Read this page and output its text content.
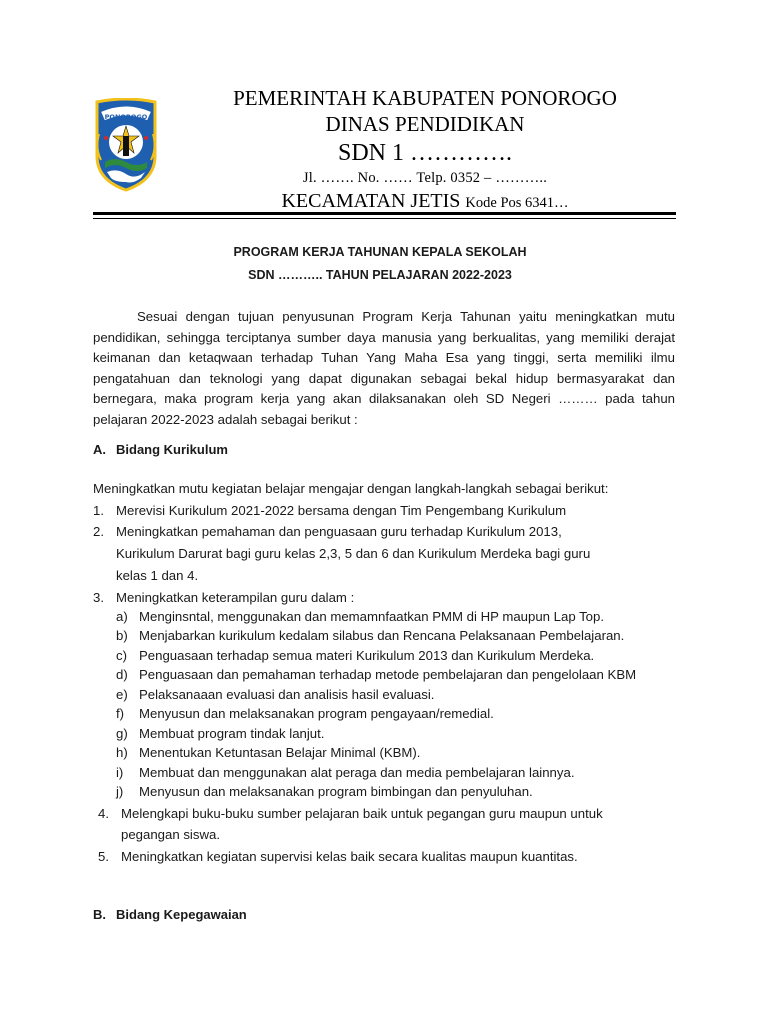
PONOROGO
PEMERINTAH KABUPATEN PONOROGO
DINAS PENDIDIKAN
SDN 1 ………….
Jl. ……. No. …… Telp. 0352 – ………..
KECAMATAN JETIS Kode Pos 6341…
PROGRAM KERJA TAHUNAN KEPALA SEKOLAH
SDN ……….. TAHUN PELAJARAN 2022-2023
Sesuai dengan tujuan penyusunan Program Kerja Tahunan yaitu meningkatkan mutu pendidikan, sehingga terciptanya sumber daya manusia yang berkualitas, yang memiliki derajat keimanan dan ketaqwaan terhadap Tuhan Yang Maha Esa yang tinggi, serta memiliki ilmu pengatahuan dan teknologi yang dapat digunakan sebagai bekal hidup bermasyarakat dan bernegara, maka program kerja yang akan dilaksanakan oleh SD Negeri ……… pada tahun pelajaran 2022-2023 adalah sebagai berikut :
A. Bidang Kurikulum
Meningkatkan mutu kegiatan belajar mengajar dengan langkah-langkah sebagai berikut:
1. Merevisi Kurikulum 2021-2022 bersama dengan Tim Pengembang Kurikulum
2. Meningkatkan pemahaman dan penguasaan guru terhadap Kurikulum 2013,
Kurikulum Darurat bagi guru kelas 2,3, 5 dan 6 dan Kurikulum Merdeka bagi guru
kelas 1 dan 4.
3. Meningkatkan keterampilan guru dalam :
a) Menginsntal, menggunakan dan memamnfaatkan PMM di HP maupun Lap Top.
b) Menjabarkan kurikulum kedalam silabus dan Rencana Pelaksanaan Pembelajaran.
c) Penguasaan terhadap semua materi Kurikulum 2013 dan Kurikulum Merdeka.
d) Penguasaan dan pemahaman terhadap metode pembelajaran dan pengelolaan KBM
e) Pelaksanaaan evaluasi dan analisis hasil evaluasi.
f) Menyusun dan melaksanakan program pengayaan/remedial.
g) Membuat program tindak lanjut.
h) Menentukan Ketuntasan Belajar Minimal (KBM).
i) Membuat dan menggunakan alat peraga dan media pembelajaran lainnya.
j) Menyusun dan melaksanakan program bimbingan dan penyuluhan.
4. Melengkapi buku-buku sumber pelajaran baik untuk pegangan guru maupun untuk
pegangan siswa.
5. Meningkatkan kegiatan supervisi kelas baik secara kualitas maupun kuantitas.
B. Bidang Kepegawaian
